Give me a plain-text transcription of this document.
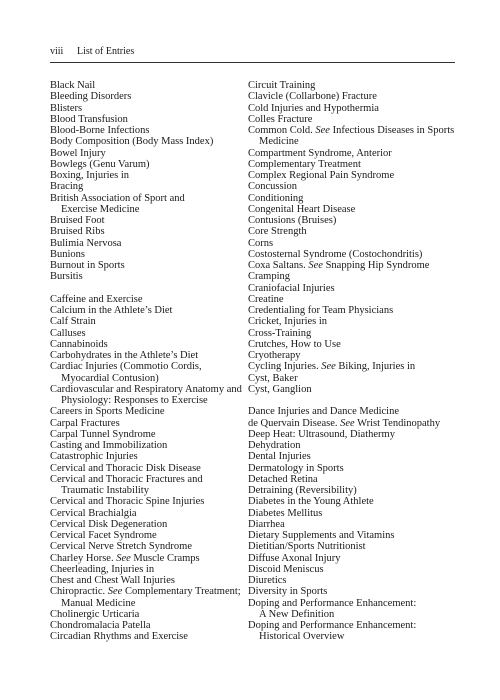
viii List of Entries
Black Nail
Bleeding Disorders
Blisters
Blood Transfusion
Blood-Borne Infections
Body Composition (Body Mass Index)
Bowel Injury
Bowlegs (Genu Varum)
Boxing, Injuries in
Bracing
British Association of Sport and
Exercise Medicine
Bruised Foot
Bruised Ribs
Bulimia Nervosa
Bunions
Burnout in Sports
Bursitis
Caffeine and Exercise
Calcium in the Athlete’s Diet
Calf Strain
Calluses
Cannabinoids
Carbohydrates in the Athlete’s Diet
Cardiac Injuries (Commotio Cordis,
Myocardial Contusion)
Cardiovascular and Respiratory Anatomy and
Physiology: Responses to Exercise
Careers in Sports Medicine
Carpal Fractures
Carpal Tunnel Syndrome
Casting and Immobilization
Catastrophic Injuries
Cervical and Thoracic Disk Disease
Cervical and Thoracic Fractures and
Traumatic Instability
Cervical and Thoracic Spine Injuries
Cervical Brachialgia
Cervical Disk Degeneration
Cervical Facet Syndrome
Cervical Nerve Stretch Syndrome
Charley Horse. See Muscle Cramps
Cheerleading, Injuries in
Chest and Chest Wall Injuries
Chiropractic. See Complementary Treatment;
Manual Medicine
Cholinergic Urticaria
Chondromalacia Patella
Circadian Rhythms and Exercise
Circuit Training
Clavicle (Collarbone) Fracture
Cold Injuries and Hypothermia
Colles Fracture
Common Cold. See Infectious Diseases in Sports
Medicine
Compartment Syndrome, Anterior
Complementary Treatment
Complex Regional Pain Syndrome
Concussion
Conditioning
Congenital Heart Disease
Contusions (Bruises)
Core Strength
Corns
Costosternal Syndrome (Costochondritis)
Coxa Saltans. See Snapping Hip Syndrome
Cramping
Craniofacial Injuries
Creatine
Credentialing for Team Physicians
Cricket, Injuries in
Cross-Training
Crutches, How to Use
Cryotherapy
Cycling Injuries. See Biking, Injuries in
Cyst, Baker
Cyst, Ganglion
Dance Injuries and Dance Medicine
de Quervain Disease. See Wrist Tendinopathy
Deep Heat: Ultrasound, Diathermy
Dehydration
Dental Injuries
Dermatology in Sports
Detached Retina
Detraining (Reversibility)
Diabetes in the Young Athlete
Diabetes Mellitus
Diarrhea
Dietary Supplements and Vitamins
Dietitian/Sports Nutritionist
Diffuse Axonal Injury
Discoid Meniscus
Diuretics
Diversity in Sports
Doping and Performance Enhancement:
A New Definition
Doping and Performance Enhancement:
Historical Overview
